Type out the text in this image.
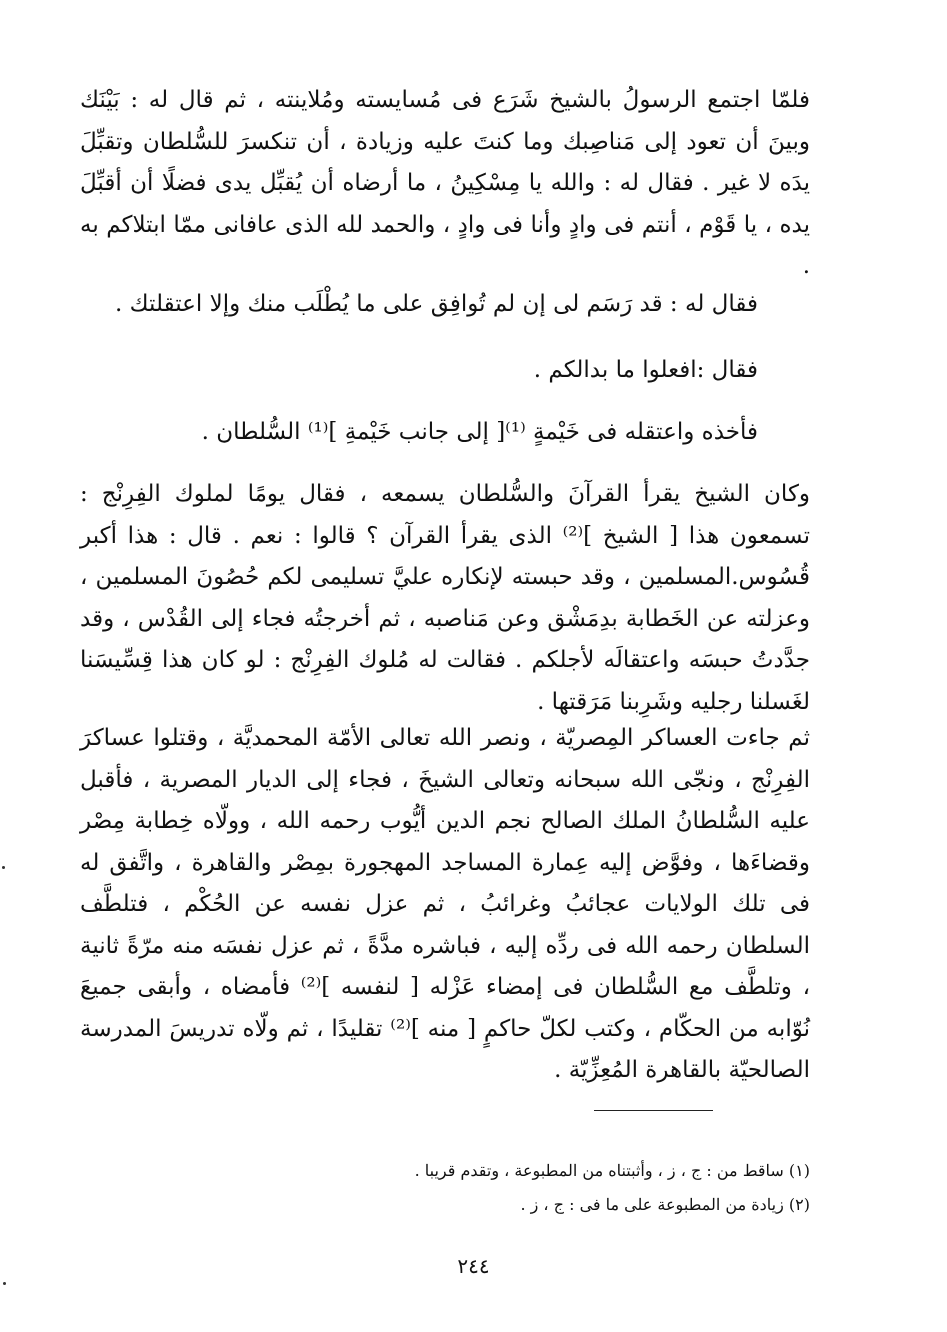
فلمّا اجتمع الرسولُ بالشيخ شَرَع فى مُسايسته ومُلاينته ، ثم قال له : بَيْنَك وبينَ أن تعود إلى مَناصِبك وما كنتَ عليه وزيادة ، أن تنكسرَ للسُّلطان وتقبِّلَ يدَه لا غير . فقال له : والله يا مِسْكِينُ ، ما أرضاه أن يُقبِّل يدى فضلًا أن أقبِّلَ يده ، يا قَوْم ، أنتم فى وادٍ وأنا فى وادٍ ، والحمد لله الذى عافانى ممّا ابتلاكم به .

فقال له : قد رَسَم لى إن لم تُوافِق على ما يُطْلَب منك وإلا اعتقلتك .

فقال :افعلوا ما بدالكم .

فأخذه واعتقله فى خَيْمةٍ ⁽¹⁾[ إلى جانب خَيْمةِ ]⁽¹⁾ السُّلطان .

وكان الشيخ يقرأ القرآنَ والسُّلطان يسمعه ، فقال يومًا لملوك الفِرِنْج : تسمعون هذا [ الشيخ ]⁽²⁾ الذى يقرأ القرآن ؟ قالوا : نعم . قال : هذا أكبر قُسُوس.المسلمين ، وقد حبسته لإنكاره عليَّ تسليمى لكم حُصُونَ المسلمين ، وعزلته عن الخَطابة بدِمَشْق وعن مَناصبه ، ثم أخرجتُه فجاء إلى القُدْس ، وقد جدَّدتُ حبسَه واعتقالَه لأجلكم . فقالت له مُلوك الفِرِنْج : لو كان هذا قِسِّيسَنا لغَسلنا رجليه وشَرِبنا مَرَقتها .

ثم جاءت العساكر المِصريّة ، ونصر الله تعالى الأمّة المحمديَّة ، وقتلوا عساكرَ الفِرِنْج ، ونجّى الله سبحانه وتعالى الشيخَ ، فجاء إلى الديار المصرية ، فأقبل عليه السُّلطانُ الملك الصالح نجم الدين أيُّوب رحمه الله ، وولّاه خِطابة مِصْر وقضاءَها ، وفوَّض إليه عِمارة المساجد المهجورة بمِصْر والقاهرة ، واتَّفق له فى تلك الولايات عجائبُ وغرائبُ ، ثم عزل نفسه عن الحُكْم ، فتلطَّف السلطان رحمه الله فى ردِّه إليه ، فباشره مدَّةً ، ثم عزل نفسَه منه مرّةً ثانية ، وتلطَّف مع السُّلطان فى إمضاء عَزْله [ لنفسه ]⁽²⁾ فأمضاه ، وأبقى جميعَ نُوّابه من الحكّام ، وكتب لكلّ حاكمٍ [ منه ]⁽²⁾ تقليدًا ، ثم ولّاه تدريسَ المدرسة الصالحيّة بالقاهرة المُعِزِّيّة .

(١) ساقط من : ج ، ز ، وأثبتناه من المطبوعة ، وتقدم قريبا .
(٢) زيادة من المطبوعة على ما فى : ج ، ز .
٢٤٤
